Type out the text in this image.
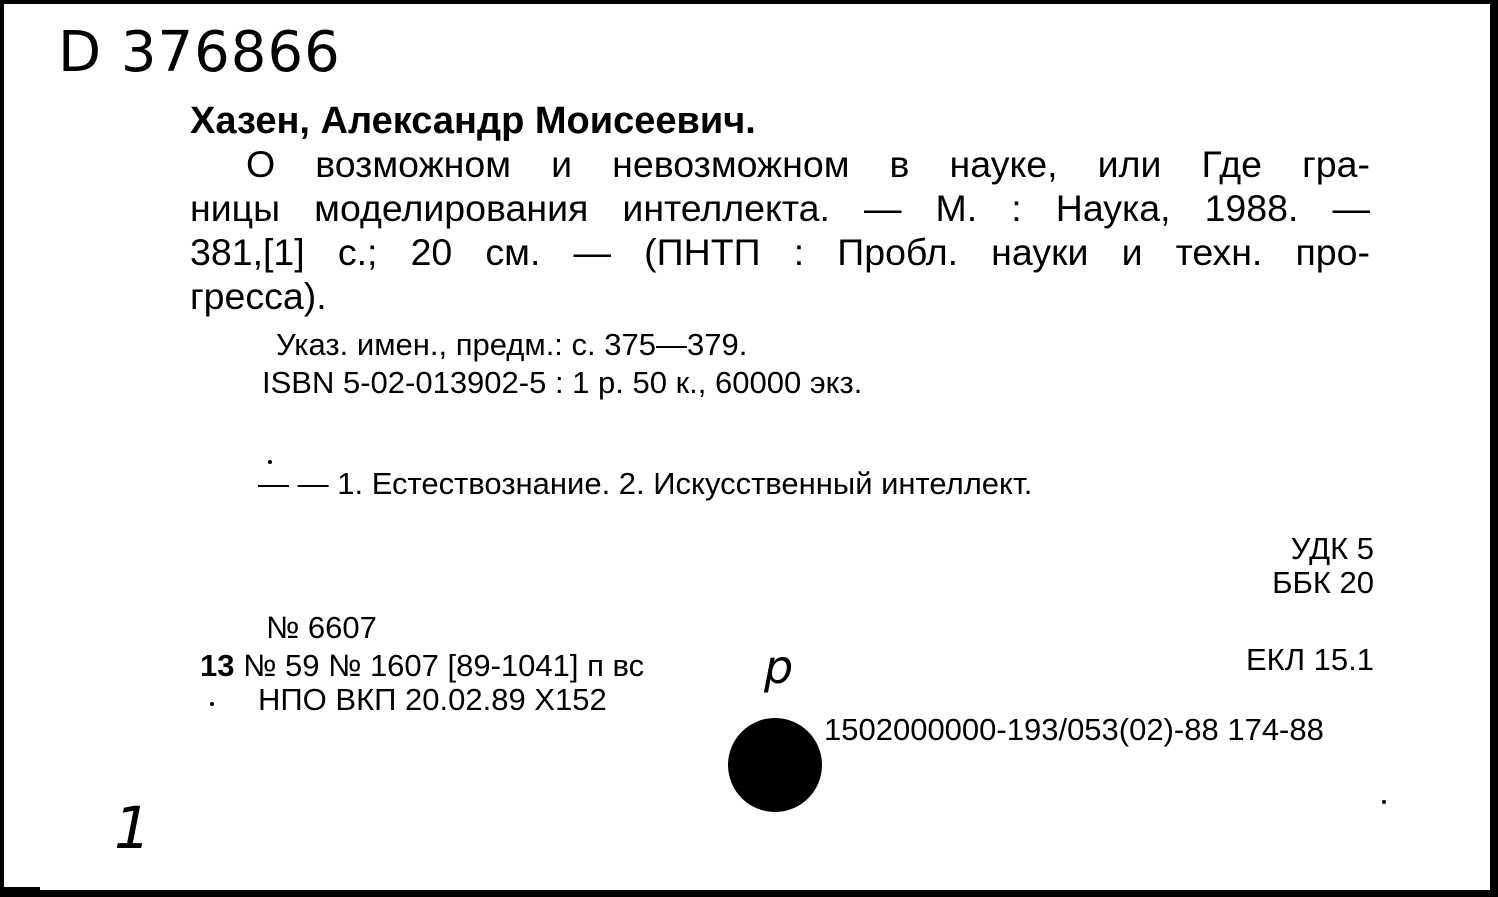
D 376866
Хазен, Александр Моисеевич.
О возможном и невозможном в науке, или Где гра-
ницы моделирования интеллекта. — М. : Наука, 1988. —
381,[1] с.; 20 см. — (ПНТП : Пробл. науки и техн. про-
гресса).
Указ. имен., предм.: с. 375—379.
ISBN 5-02-013902-5 : 1 р. 50 к., 60000 экз.
— — 1. Естествознание. 2. Искусственный интеллект.
УДК 5
ББК 20
№ 6607
13 № 59 № 1607 [89-1041] п вс
НПО ВКП 20.02.89 X152
ЕКЛ 15.1
1502000000-193/053(02)-88 174-88
р
1
